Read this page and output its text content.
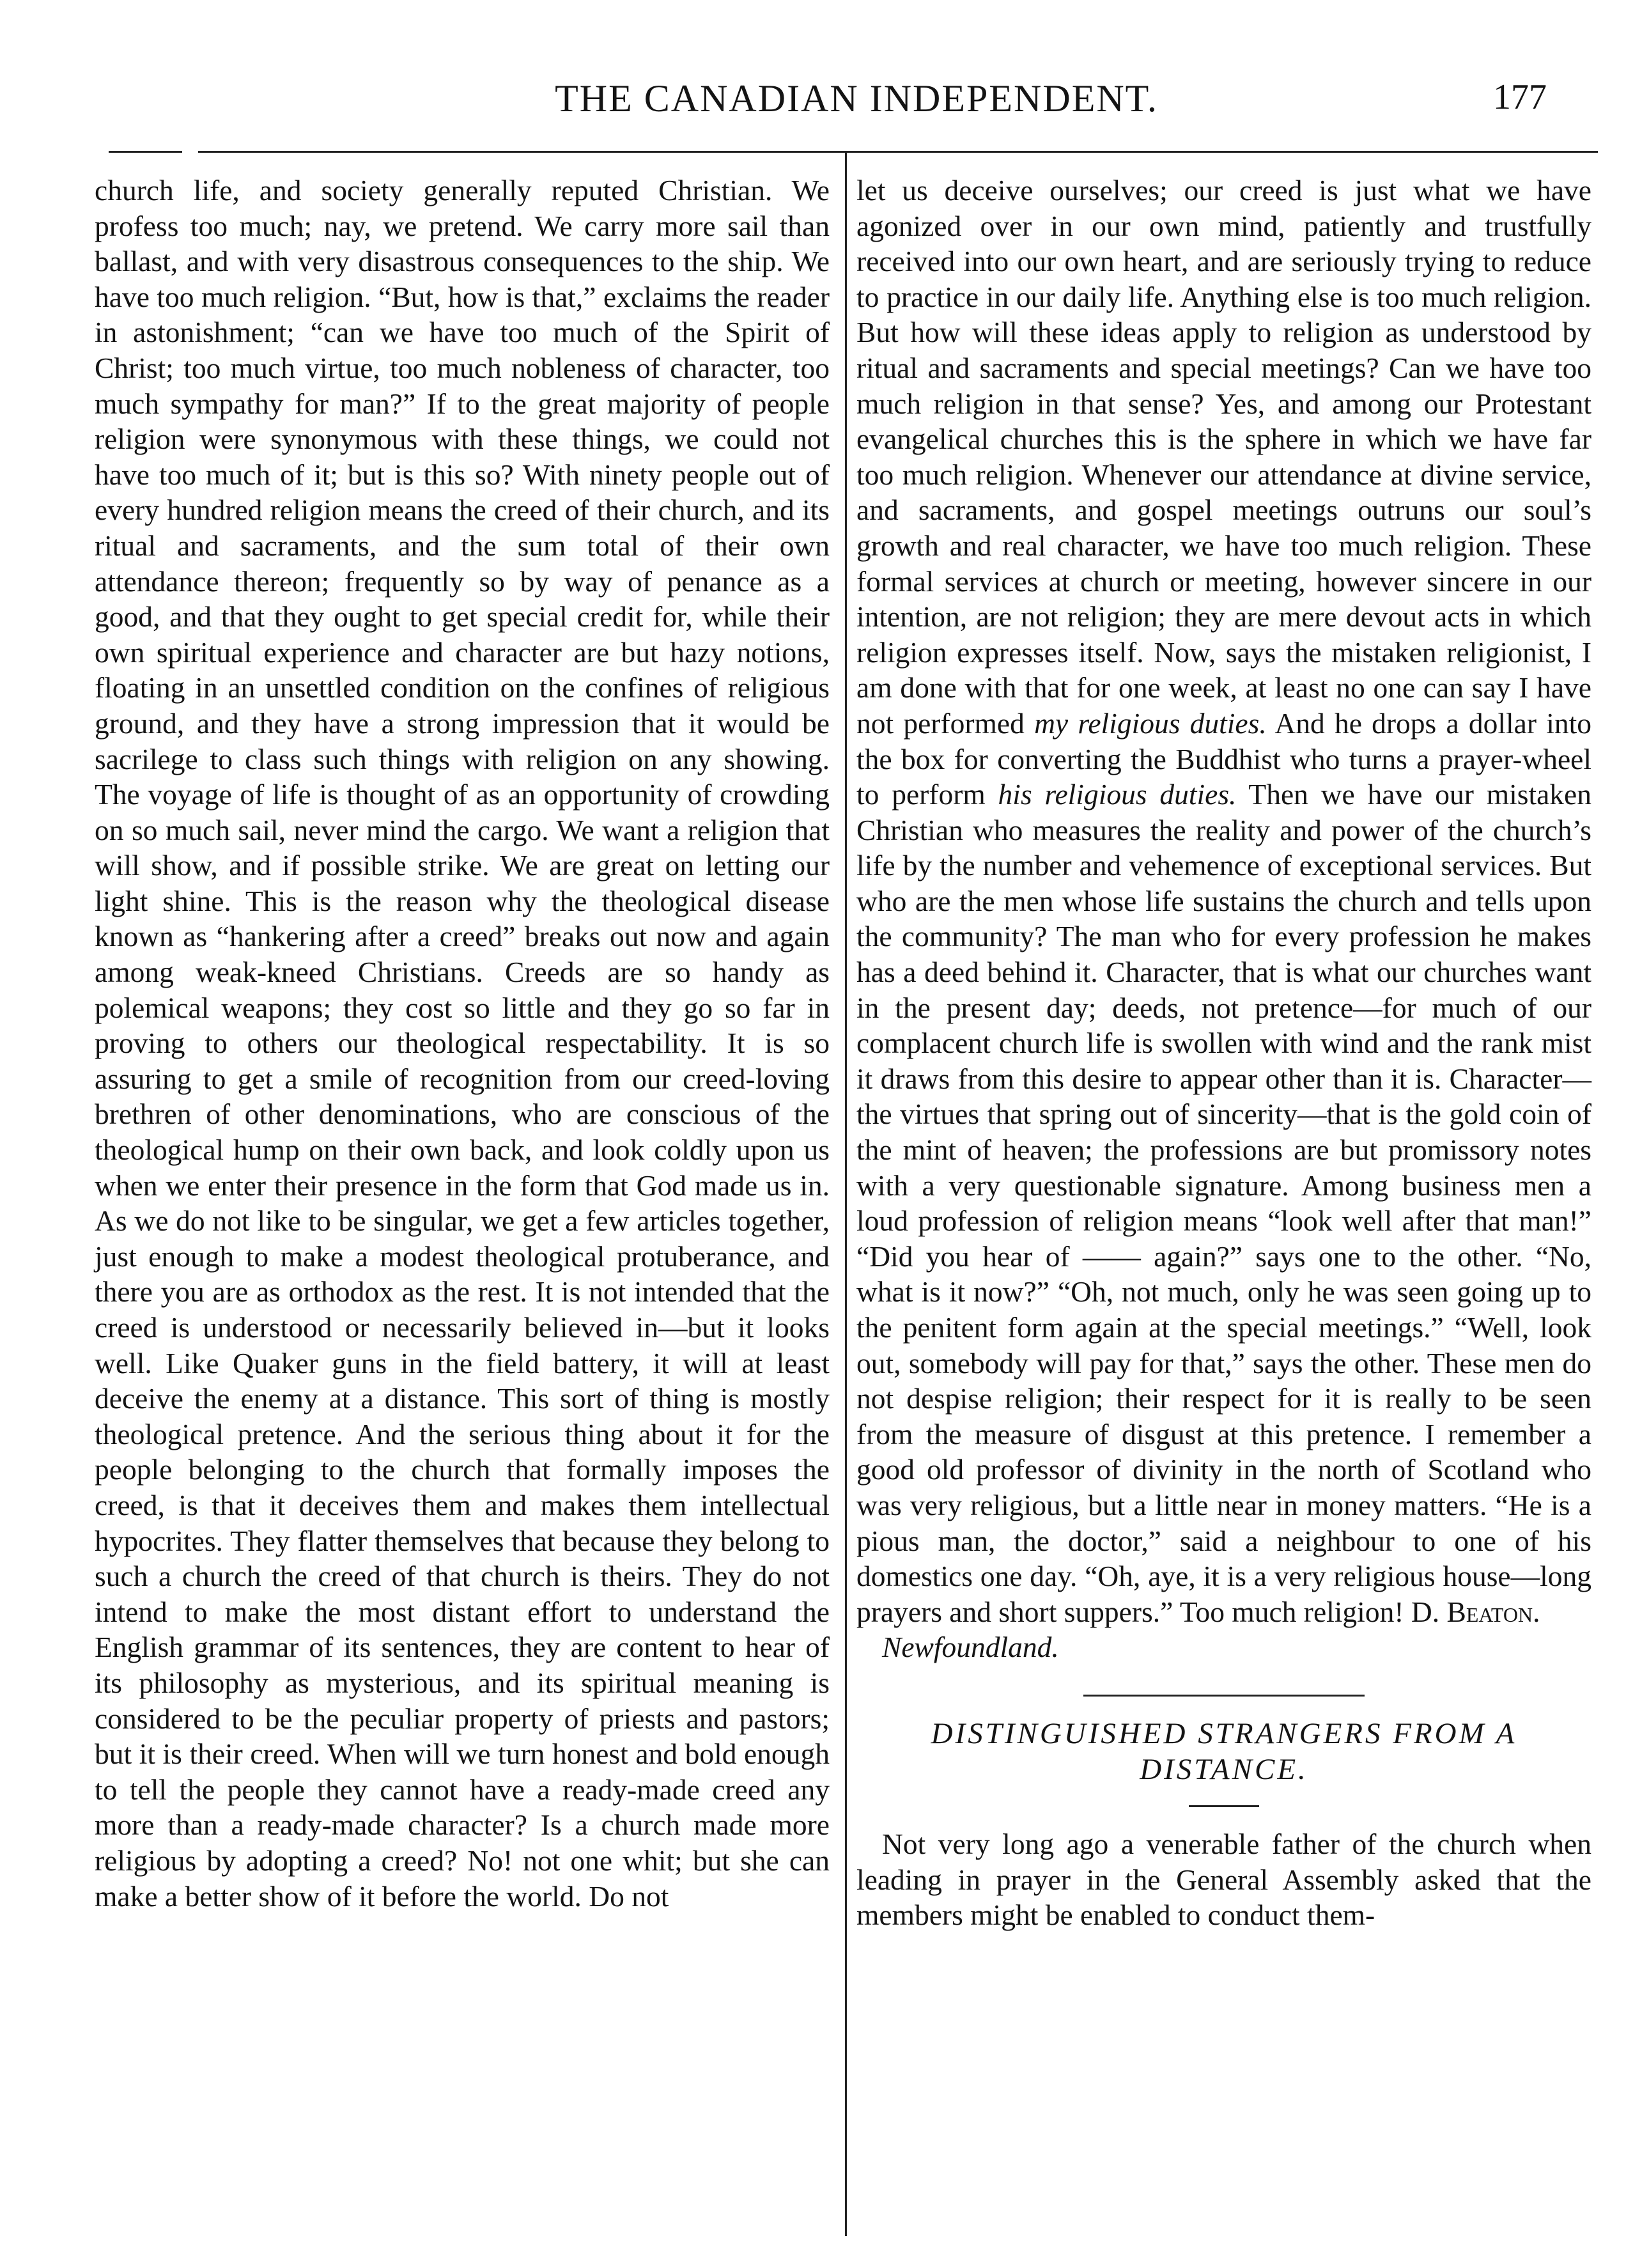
THE CANADIAN INDEPENDENT.	177

church life, and society generally reputed Christian. We profess too much; nay, we pretend. We carry more sail than ballast, and with very disastrous consequences to the ship. We have too much religion. “But, how is that,” exclaims the reader in astonishment; “can we have too much of the Spirit of Christ; too much virtue, too much nobleness of character, too much sympathy for man?” If to the great majority of people religion were synonymous with these things, we could not have too much of it; but is this so? With ninety people out of every hundred religion means the creed of their church, and its ritual and sacraments, and the sum total of their own attendance thereon; frequently so by way of penance as a good, and that they ought to get special credit for, while their own spiritual experience and character are but hazy notions, floating in an unsettled condition on the confines of religious ground, and they have a strong impression that it would be sacrilege to class such things with religion on any showing. The voyage of life is thought of as an opportunity of crowding on so much sail, never mind the cargo. We want a religion that will show, and if possible strike. We are great on letting our light shine. This is the reason why the theological disease known as “hankering after a creed” breaks out now and again among weak-kneed Christians. Creeds are so handy as polemical weapons; they cost so little and they go so far in proving to others our theological respectability. It is so assuring to get a smile of recognition from our creed-loving brethren of other denominations, who are conscious of the theological hump on their own back, and look coldly upon us when we enter their presence in the form that God made us in. As we do not like to be singular, we get a few articles together, just enough to make a modest theological protuberance, and there you are as orthodox as the rest. It is not intended that the creed is understood or necessarily believed in—but it looks well. Like Quaker guns in the field battery, it will at least deceive the enemy at a distance. This sort of thing is mostly theological pretence. And the serious thing about it for the people belonging to the church that formally imposes the creed, is that it deceives them and makes them intellectual hypocrites. They flatter themselves that because they belong to such a church the creed of that church is theirs. They do not intend to make the most distant effort to understand the English grammar of its sentences, they are content to hear of its philosophy as mysterious, and its spiritual meaning is considered to be the peculiar property of priests and pastors; but it is their creed. When will we turn honest and bold enough to tell the people they cannot have a ready-made creed any more than a ready-made character? Is a church made more religious by adopting a creed? No! not one whit; but she can make a better show of it before the world. Do not

let us deceive ourselves; our creed is just what we have agonized over in our own mind, patiently and trustfully received into our own heart, and are seriously trying to reduce to practice in our daily life. Anything else is too much religion. But how will these ideas apply to religion as understood by ritual and sacraments and special meetings? Can we have too much religion in that sense? Yes, and among our Protestant evangelical churches this is the sphere in which we have far too much religion. Whenever our attendance at divine service, and sacraments, and gospel meetings outruns our soul’s growth and real character, we have too much religion. These formal services at church or meeting, however sincere in our intention, are not religion; they are mere devout acts in which religion expresses itself. Now, says the mistaken religionist, I am done with that for one week, at least no one can say I have not performed my religious duties. And he drops a dollar into the box for converting the Buddhist who turns a prayer-wheel to perform his religious duties. Then we have our mistaken Christian who measures the reality and power of the church’s life by the number and vehemence of exceptional services. But who are the men whose life sustains the church and tells upon the community? The man who for every profession he makes has a deed behind it. Character, that is what our churches want in the present day; deeds, not pretence—for much of our complacent church life is swollen with wind and the rank mist it draws from this desire to appear other than it is. Character—the virtues that spring out of sincerity—that is the gold coin of the mint of heaven; the professions are but promissory notes with a very questionable signature. Among business men a loud profession of religion means “look well after that man!” “Did you hear of —— again?” says one to the other. “No, what is it now?” “Oh, not much, only he was seen going up to the penitent form again at the special meetings.” “Well, look out, somebody will pay for that,” says the other. These men do not despise religion; their respect for it is really to be seen from the measure of disgust at this pretence. I remember a good old professor of divinity in the north of Scotland who was very religious, but a little near in money matters. “He is a pious man, the doctor,” said a neighbour to one of his domestics one day. “Oh, aye, it is a very religious house—long prayers and short suppers.” Too much religion! D. Beaton.

Newfoundland.

DISTINGUISHED STRANGERS FROM A DISTANCE.

Not very long ago a venerable father of the church when leading in prayer in the General Assembly asked that the members might be enabled to conduct them-
